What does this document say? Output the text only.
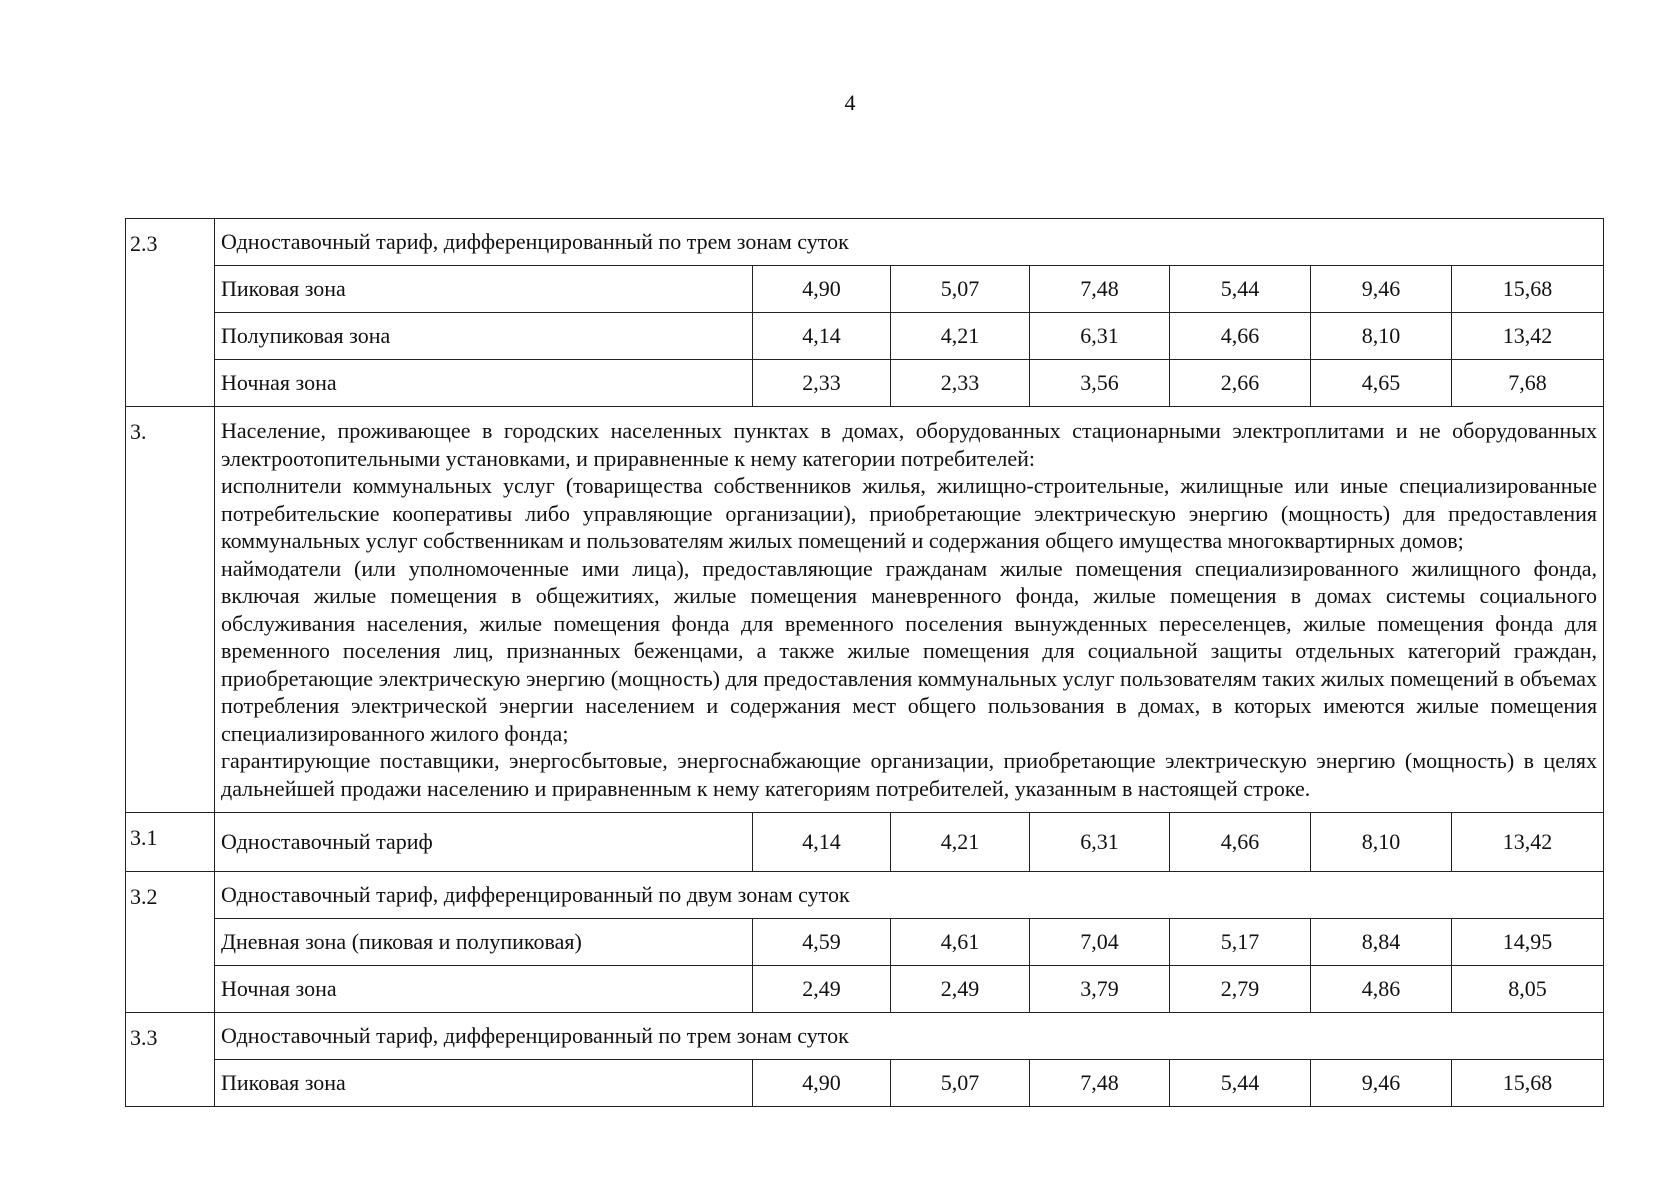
4
2.3	Одноставочный тариф, дифференцированный по трем зонам суток						
	Пиковая зона	4,90	5,07	7,48	5,44	9,46	15,68
	Полупиковая зона	4,14	4,21	6,31	4,66	8,10	13,42
	Ночная зона	2,33	2,33	3,56	2,66	4,65	7,68
3.	Население, проживающее в городских населенных пунктах в домах, оборудованных стационарными электроплитами и не оборудованных электроотопительными установками, и приравненные к нему категории потребителей:

исполнители коммунальных услуг (товарищества собственников жилья, жилищно-строительные, жилищные или иные специализированные потребительские кооперативы либо управляющие организации), приобретающие электрическую энергию (мощность) для предоставления коммунальных услуг собственникам и пользователям жилых помещений и содержания общего имущества многоквартирных домов;

наймодатели (или уполномоченные ими лица), предоставляющие гражданам жилые помещения специализированного жилищного фонда, включая жилые помещения в общежитиях, жилые помещения маневренного фонда, жилые помещения в домах системы социального обслуживания населения, жилые помещения фонда для временного поселения вынужденных переселенцев, жилые помещения фонда для временного поселения лиц, признанных беженцами, а также жилые помещения для социальной защиты отдельных категорий граждан, приобретающие электрическую энергию (мощность) для предоставления коммунальных услуг пользователям таких жилых помещений в объемах потребления электрической энергии населением и содержания мест общего пользования в домах, в которых имеются жилые помещения специализированного жилого фонда;

гарантирующие поставщики, энергосбытовые, энергоснабжающие организации, приобретающие электрическую энергию (мощность) в целях дальнейшей продажи населению и приравненным к нему категориям потребителей, указанным в настоящей строке.						

3.1	Одноставочный тариф	4,14	4,21	6,31	4,66	8,10	13,42
3.2	Одноставочный тариф, дифференцированный по двум зонам суток						
	Дневная зона (пиковая и полупиковая)	4,59	4,61	7,04	5,17	8,84	14,95
	Ночная зона	2,49	2,49	3,79	2,79	4,86	8,05
3.3	Одноставочный тариф, дифференцированный по трем зонам суток						
	Пиковая зона	4,90	5,07	7,48	5,44	9,46	15,68
